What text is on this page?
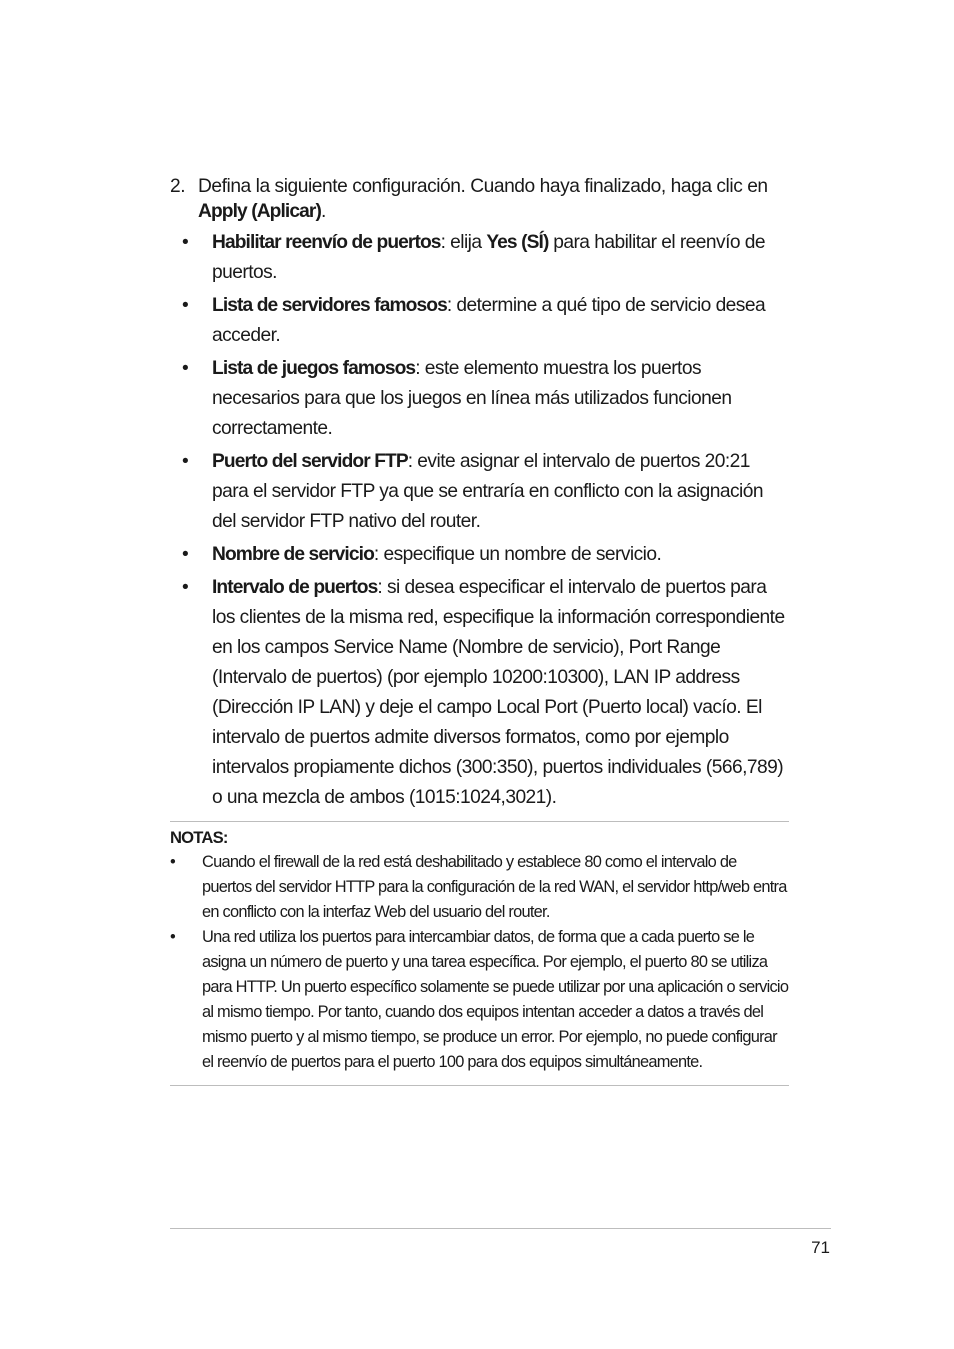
2. Defina la siguiente configuración. Cuando haya finalizado, haga clic en Apply (Aplicar).
• Habilitar reenvío de puertos: elija Yes (SÍ) para habilitar el reenvío de puertos.
• Lista de servidores famosos: determine a qué tipo de servicio desea acceder.
• Lista de juegos famosos: este elemento muestra los puertos necesarios para que los juegos en línea más utilizados funcionen correctamente.
• Puerto del servidor FTP: evite asignar el intervalo de puertos 20:21 para el servidor FTP ya que se entraría en conflicto con la asignación del servidor FTP nativo del router.
• Nombre de servicio: especifique un nombre de servicio.
• Intervalo de puertos: si desea especificar el intervalo de puertos para los clientes de la misma red, especifique la información correspondiente en los campos Service Name (Nombre de servicio), Port Range (Intervalo de puertos) (por ejemplo 10200:10300), LAN IP address (Dirección IP LAN) y deje el campo Local Port (Puerto local) vacío. El intervalo de puertos admite diversos formatos, como por ejemplo intervalos propiamente dichos (300:350), puertos individuales (566,789) o una mezcla de ambos (1015:1024,3021).

NOTAS:

• Cuando el firewall de la red está deshabilitado y establece 80 como el intervalo de puertos del servidor HTTP para la configuración de la red WAN, el servidor http/web entra en conflicto con la interfaz Web del usuario del router.
• Una red utiliza los puertos para intercambiar datos, de forma que a cada puerto se le asigna un número de puerto y una tarea específica. Por ejemplo, el puerto 80 se utiliza para HTTP. Un puerto específico solamente se puede utilizar por una aplicación o servicio al mismo tiempo. Por tanto, cuando dos equipos intentan acceder a datos a través del mismo puerto y al mismo tiempo, se produce un error. Por ejemplo, no puede configurar el reenvío de puertos para el puerto 100 para dos equipos simultáneamente.
71
